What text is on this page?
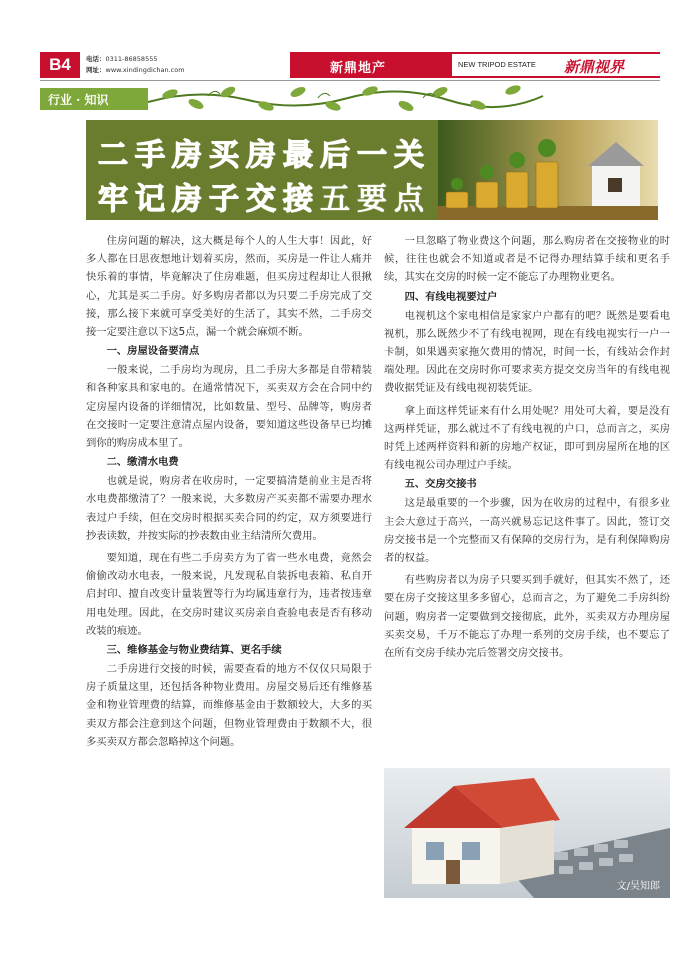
B4	电话：0311-86858555
网址：www.xindingdichan.com	新鼎地产	NEW TRIPOD ESTATE 新鼎视界
行业 · 知识
二手房买房最后一关
牢记房子交接五要点

住房问题的解决，这大概是每个人的人生大事！因此，好多人都在日思夜想地计划着买房，然而，买房是一件让人痛并快乐着的事情，毕竟解决了住房难题，但买房过程却让人很揪心，尤其是买二手房。好多购房者都以为只要二手房完成了交接，那么接下来就可享受美好的生活了，其实不然，二手房交接一定要注意以下这5点，漏一个就会麻烦不断。

一、房屋设备要清点

一般来说，二手房均为现房，且二手房大多都是自带精装和各种家具和家电的。在通常情况下，买卖双方会在合同中约定房屋内设备的详细情况，比如数量、型号、品牌等，购房者在交接时一定要注意清点屋内设备，要知道这些设备早已均摊到你的购房成本里了。

二、缴清水电费

也就是说，购房者在收房时，一定要搞清楚前业主是否将水电费都缴清了？一般来说，大多数房产买卖都不需要办理水表过户手续，但在交房时根据买卖合同的约定，双方须要进行抄表读数，并按实际的抄表数由业主结清所欠费用。

要知道，现在有些二手房卖方为了省一些水电费，竟然会偷偷改动水电表，一般来说，凡发现私自装拆电表箱、私自开启封印、擅自改变计量装置等行为均属违章行为，违者按违章用电处理。因此，在交房时建议买房亲自查验电表是否有移动改装的痕迹。

三、维修基金与物业费结算、更名手续

二手房进行交接的时候，需要查看的地方不仅仅只局限于房子质量这里，还包括各种物业费用。房屋交易后还有维修基金和物业管理费的结算，而维修基金由于数额较大，大多的买卖双方都会注意到这个问题，但物业管理费由于数额不大，很多买卖双方都会忽略掉这个问题。

一旦忽略了物业费这个问题，那么购房者在交接物业的时候，往往也就会不知道或者是不记得办理结算手续和更名手续，其实在交房的时候一定不能忘了办理物业更名。

四、有线电视要过户

电视机这个家电相信是家家户户都有的吧？既然是要看电视机，那么既然少不了有线电视网，现在有线电视实行一户一卡制，如果遇卖家拖欠费用的情况，时间一长，有线站会作封端处理。因此在交房时你可要求卖方提交交房当年的有线电视费收据凭证及有线电视初装凭证。

拿上面这样凭证来有什么用处呢？用处可大着，要是没有这两样凭证，那么就过不了有线电视的户口，总而言之，买房时凭上述两样资料和新的房地产权证，即可到房屋所在地的区有线电视公司办理过户手续。

五、交房交接书

这是最重要的一个步骤，因为在收房的过程中，有很多业主会大意过于高兴，一高兴就易忘记这件事了。因此，签订交房交接书是一个完整而又有保障的交房行为，是有利保障购房者的权益。

有些购房者以为房子只要买到手就好，但其实不然了，还要在房子交接这里多多留心，总而言之，为了避免二手房纠纷问题，购房者一定要做到交接彻底，此外，买卖双方办理房屋买卖交易，千万不能忘了办理一系列的交房手续，也不要忘了在所有交房手续办完后签署交房交接书。

文/吴知郎
